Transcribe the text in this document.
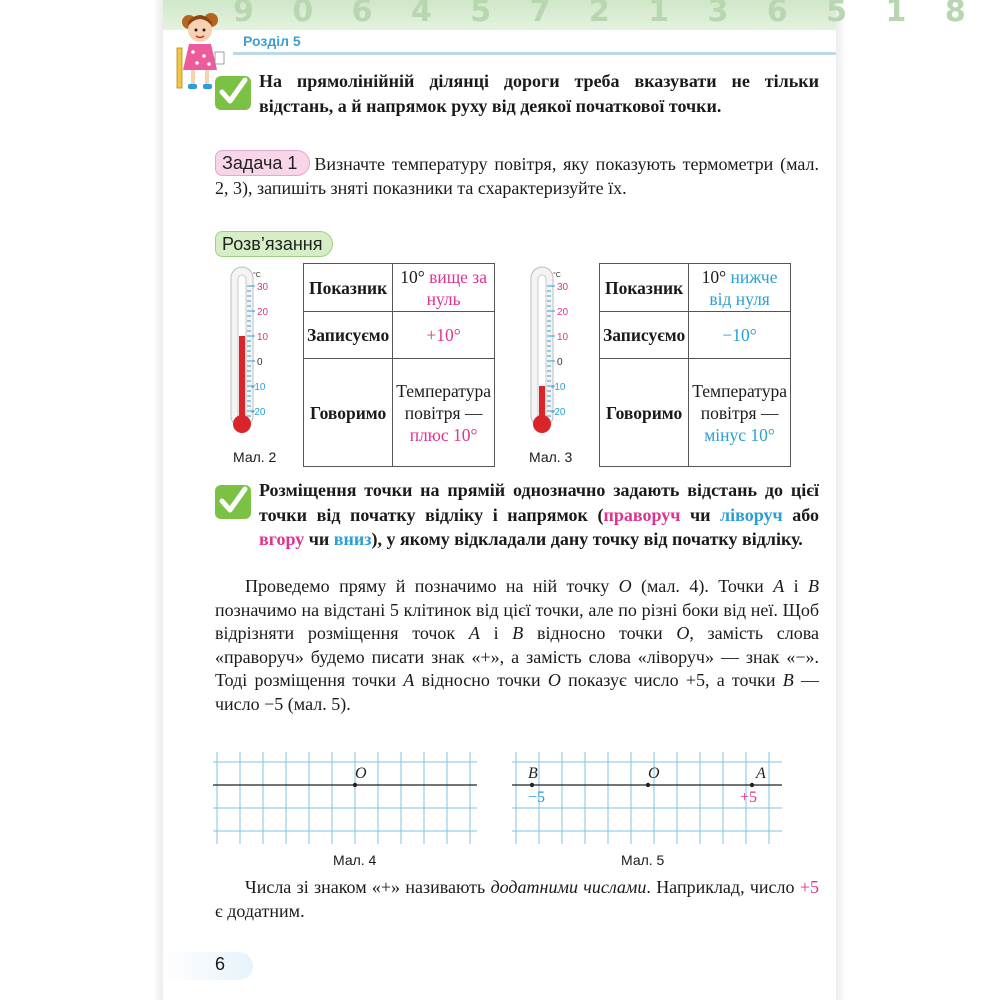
9 0 6 4 5 7 2 1 3 6 5 1 8
Розділ 5
На прямолінійній ділянці дороги треба вказувати не тільки відстань, а й напрямок руху від деякої початкової точки.
Задача 1 Визначте температуру повітря, яку показують термометри (мал. 2, 3), запишіть зняті показники та схарактеризуйте їх.
Розв’язання
°C
30
20
10
0
-10
-20
Мал. 2
Показник	10° вище за нуль
Записуємо	+10°
Говоримо	Температура повітря — плюс 10°
°C
30
20
10
0
-10
-20
Мал. 3
Показник	10° нижче від нуля
Записуємо	−10°
Говоримо	Температура повітря — мінус 10°
Розміщення точки на прямій однозначно задають відстань до цієї точки від початку відліку і напрямок (праворуч чи ліворуч або вгору чи вниз), у якому відкладали дану точку від початку відліку.
Проведемо пряму й позначимо на ній точку O (мал. 4). Точки A і B позначимо на відстані 5 клітинок від цієї точки, але по різні боки від неї. Щоб відрізняти розміщення точок A і B відносно точки O, замість слова «праворуч» будемо писати знак «+», а замість слова «ліворуч» — знак «−». Тоді розміщення точки A відносно точки O показує число +5, а точки B — число −5 (мал. 5).
O
Мал. 4
B	O	A
−5	+5
Мал. 5
Числа зі знаком «+» називають додатними числами. Наприклад, число +5 є додатним.
6
